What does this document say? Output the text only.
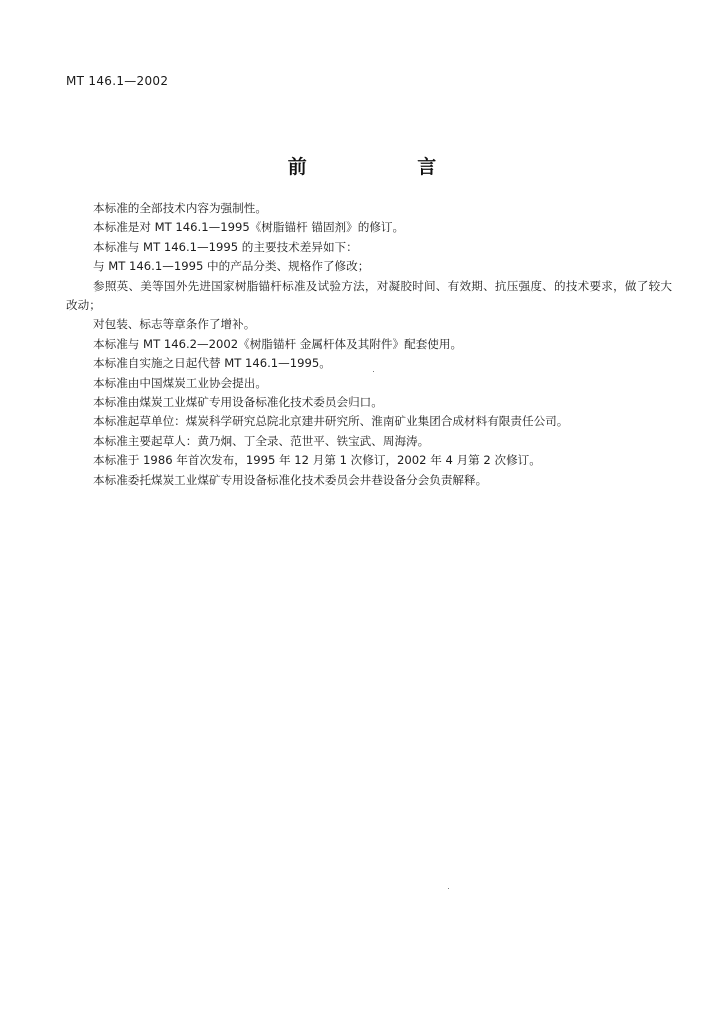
MT 146.1—2002
前 言

本标准的全部技术内容为强制性。

本标准是对 MT 146.1—1995《树脂锚杆 锚固剂》的修订。

本标准与 MT 146.1—1995 的主要技术差异如下：

与 MT 146.1—1995 中的产品分类、规格作了修改；

参照英、美等国外先进国家树脂锚杆标准及试验方法，对凝胶时间、有效期、抗压强度、的技术要求，做了较大改动；

对包装、标志等章条作了增补。

本标准与 MT 146.2—2002《树脂锚杆 金属杆体及其附件》配套使用。

本标准自实施之日起代替 MT 146.1—1995。

本标准由中国煤炭工业协会提出。

本标准由煤炭工业煤矿专用设备标准化技术委员会归口。

本标准起草单位：煤炭科学研究总院北京建井研究所、淮南矿业集团合成材料有限责任公司。

本标准主要起草人：黄乃炯、丁全录、范世平、铁宝武、周海涛。

本标准于 1986 年首次发布，1995 年 12 月第 1 次修订，2002 年 4 月第 2 次修订。

本标准委托煤炭工业煤矿专用设备标准化技术委员会井巷设备分会负责解释。
